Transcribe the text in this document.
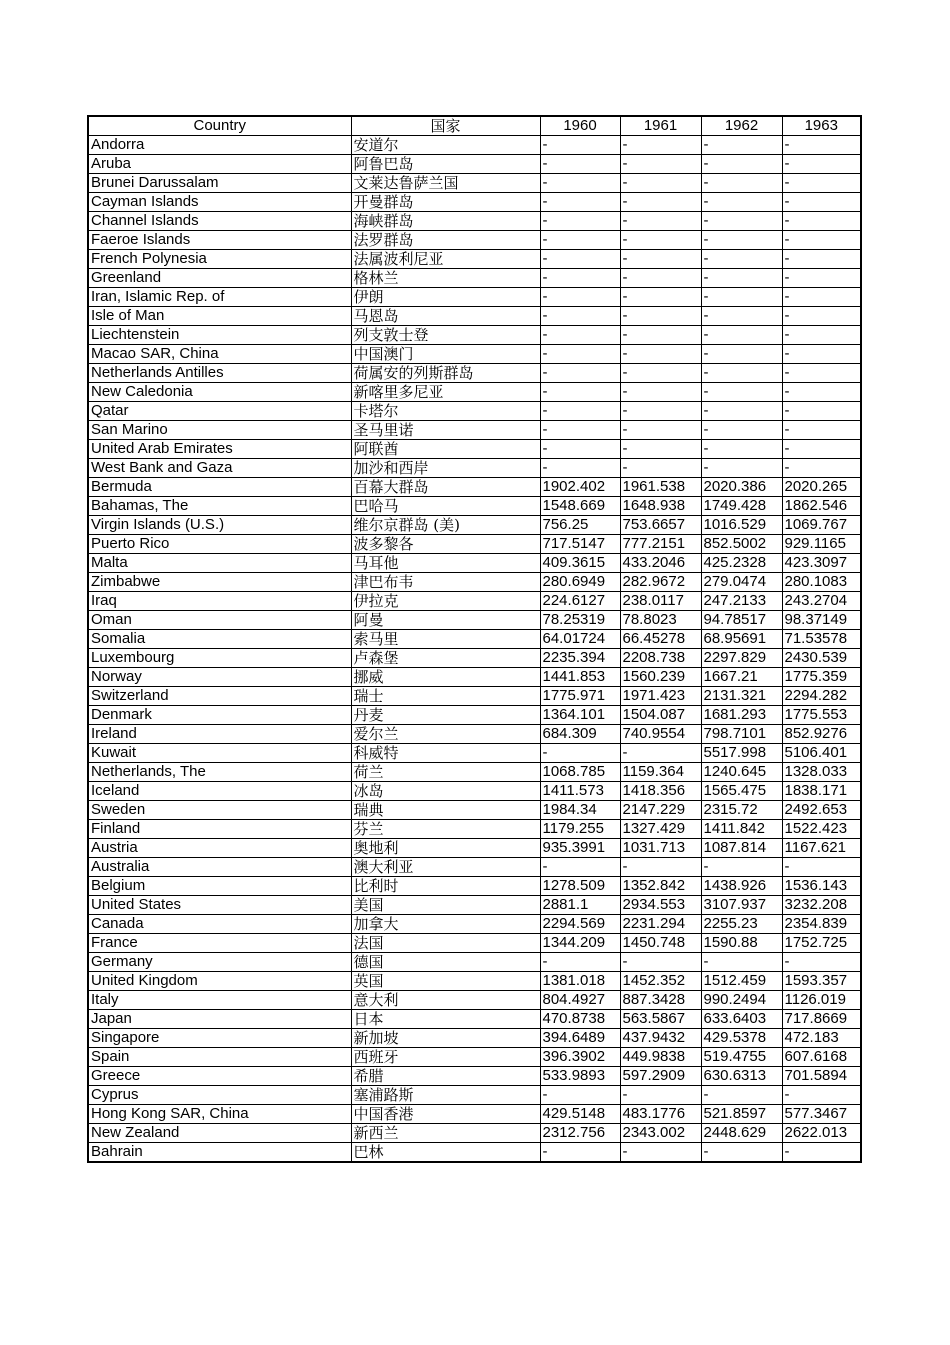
Country	国家	1960	1961	1962	1963
Andorra	安道尔	-	-	-	-
Aruba	阿鲁巴岛	-	-	-	-
Brunei Darussalam	文莱达鲁萨兰国	-	-	-	-
Cayman Islands	开曼群岛	-	-	-	-
Channel Islands	海峡群岛	-	-	-	-
Faeroe Islands	法罗群岛	-	-	-	-
French Polynesia	法属波利尼亚	-	-	-	-
Greenland	格林兰	-	-	-	-
Iran, Islamic Rep. of	伊朗	-	-	-	-
Isle of Man	马恩岛	-	-	-	-
Liechtenstein	列支敦士登	-	-	-	-
Macao SAR, China	中国澳门	-	-	-	-
Netherlands Antilles	荷属安的列斯群岛	-	-	-	-
New Caledonia	新喀里多尼亚	-	-	-	-
Qatar	卡塔尔	-	-	-	-
San Marino	圣马里诺	-	-	-	-
United Arab Emirates	阿联酋	-	-	-	-
West Bank and Gaza	加沙和西岸	-	-	-	-
Bermuda	百幕大群岛	1902.402	1961.538	2020.386	2020.265
Bahamas, The	巴哈马	1548.669	1648.938	1749.428	1862.546
Virgin Islands (U.S.)	维尔京群岛 (美)	756.25	753.6657	1016.529	1069.767
Puerto Rico	波多黎各	717.5147	777.2151	852.5002	929.1165
Malta	马耳他	409.3615	433.2046	425.2328	423.3097
Zimbabwe	津巴布韦	280.6949	282.9672	279.0474	280.1083
Iraq	伊拉克	224.6127	238.0117	247.2133	243.2704
Oman	阿曼	78.25319	78.8023	94.78517	98.37149
Somalia	索马里	64.01724	66.45278	68.95691	71.53578
Luxembourg	卢森堡	2235.394	2208.738	2297.829	2430.539
Norway	挪威	1441.853	1560.239	1667.21	1775.359
Switzerland	瑞士	1775.971	1971.423	2131.321	2294.282
Denmark	丹麦	1364.101	1504.087	1681.293	1775.553
Ireland	爱尔兰	684.309	740.9554	798.7101	852.9276
Kuwait	科威特	-	-	5517.998	5106.401
Netherlands, The	荷兰	1068.785	1159.364	1240.645	1328.033
Iceland	冰岛	1411.573	1418.356	1565.475	1838.171
Sweden	瑞典	1984.34	2147.229	2315.72	2492.653
Finland	芬兰	1179.255	1327.429	1411.842	1522.423
Austria	奥地利	935.3991	1031.713	1087.814	1167.621
Australia	澳大利亚	-	-	-	-
Belgium	比利时	1278.509	1352.842	1438.926	1536.143
United States	美国	2881.1	2934.553	3107.937	3232.208
Canada	加拿大	2294.569	2231.294	2255.23	2354.839
France	法国	1344.209	1450.748	1590.88	1752.725
Germany	德国	-	-	-	-
United Kingdom	英国	1381.018	1452.352	1512.459	1593.357
Italy	意大利	804.4927	887.3428	990.2494	1126.019
Japan	日本	470.8738	563.5867	633.6403	717.8669
Singapore	新加坡	394.6489	437.9432	429.5378	472.183
Spain	西班牙	396.3902	449.9838	519.4755	607.6168
Greece	希腊	533.9893	597.2909	630.6313	701.5894
Cyprus	塞浦路斯	-	-	-	-
Hong Kong SAR, China	中国香港	429.5148	483.1776	521.8597	577.3467
New Zealand	新西兰	2312.756	2343.002	2448.629	2622.013
Bahrain	巴林	-	-	-	-
